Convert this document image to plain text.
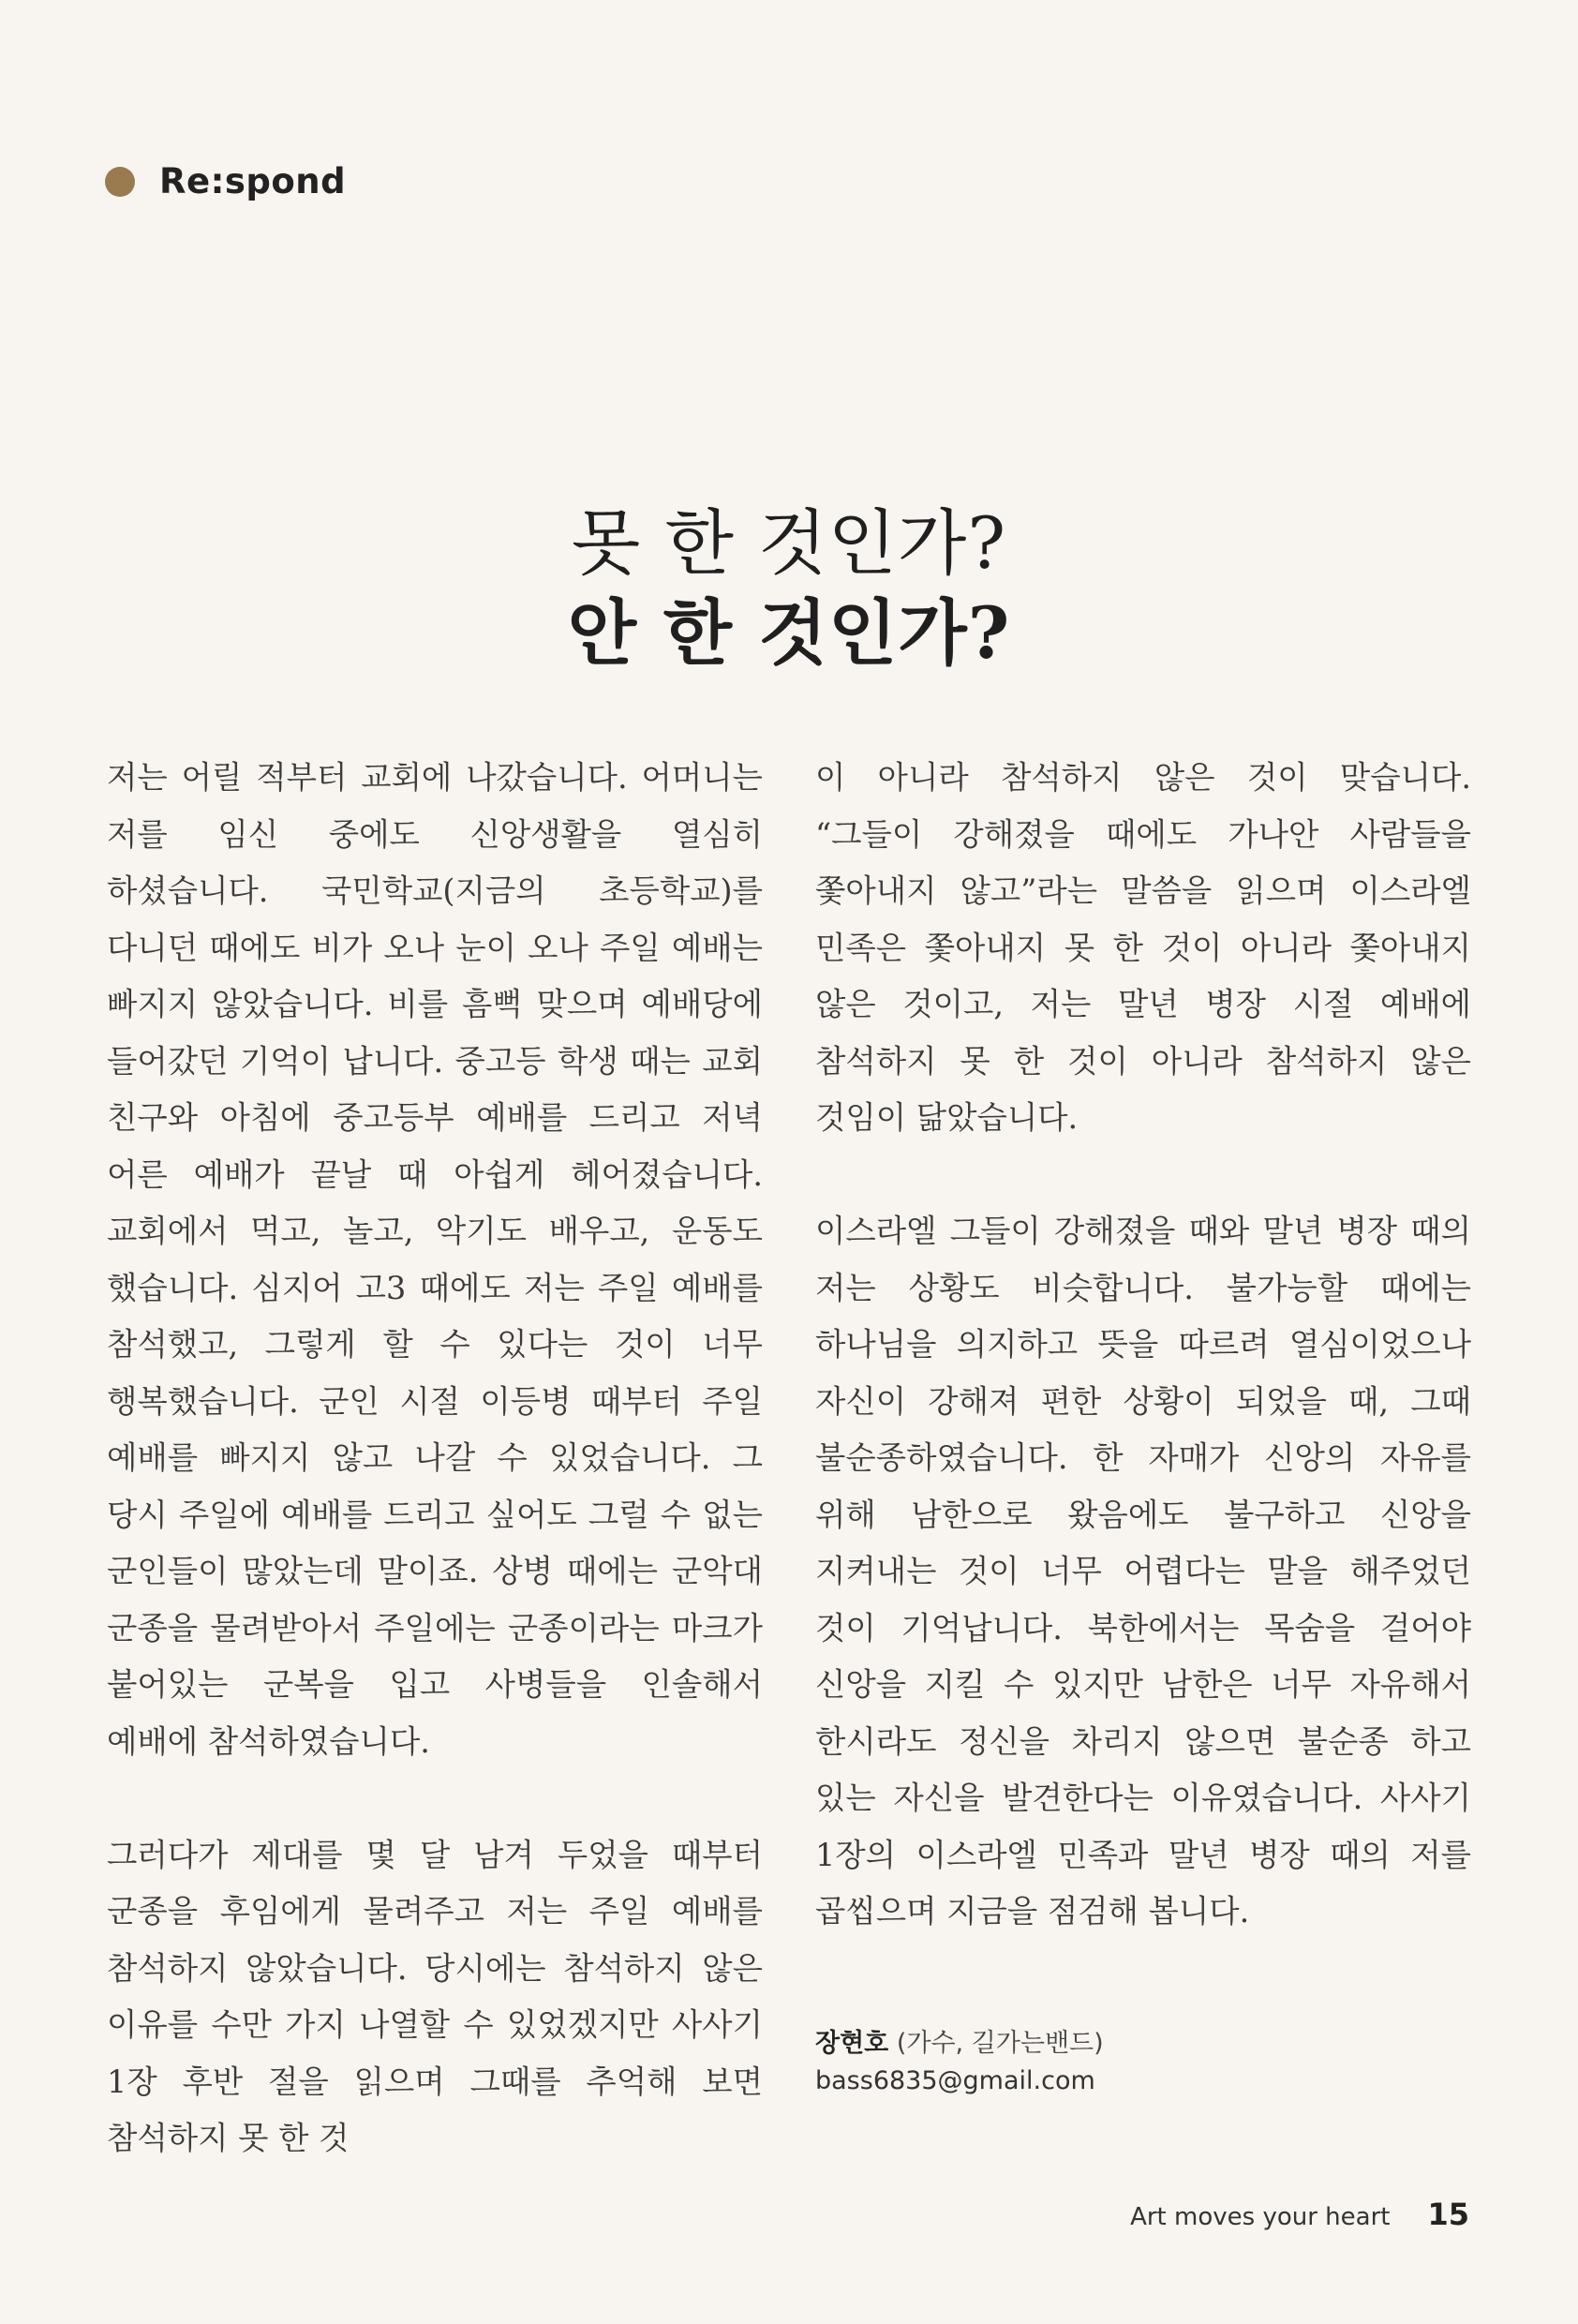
Re:spond
못 한 것인가?
안 한 것인가?

저는 어릴 적부터 교회에 나갔습니다. 어머니는 저를 임신 중에도 신앙생활을 열심히 하셨습니다. 국민학교(지금의 초등학교)를 다니던 때에도 비가 오나 눈이 오나 주일 예배는 빠지지 않았습니다. 비를 흠뻑 맞으며 예배당에 들어갔던 기억이 납니다. 중고등 학생 때는 교회 친구와 아침에 중고등부 예배를 드리고 저녁 어른 예배가 끝날 때 아쉽게 헤어졌습니다. 교회에서 먹고, 놀고, 악기도 배우고, 운동도 했습니다. 심지어 고3 때에도 저는 주일 예배를 참석했고, 그렇게 할 수 있다는 것이 너무 행복했습니다. 군인 시절 이등병 때부터 주일 예배를 빠지지 않고 나갈 수 있었습니다. 그 당시 주일에 예배를 드리고 싶어도 그럴 수 없는 군인들이 많았는데 말이죠. 상병 때에는 군악대 군종을 물려받아서 주일에는 군종이라는 마크가 붙어있는 군복을 입고 사병들을 인솔해서 예배에 참석하였습니다.

그러다가 제대를 몇 달 남겨 두었을 때부터 군종을 후임에게 물려주고 저는 주일 예배를 참석하지 않았습니다. 당시에는 참석하지 않은 이유를 수만 가지 나열할 수 있었겠지만 사사기 1장 후반 절을 읽으며 그때를 추억해 보면 참석하지 못 한 것

이 아니라 참석하지 않은 것이 맞습니다. “그들이 강해졌을 때에도 가나안 사람들을 쫓아내지 않고”라는 말씀을 읽으며 이스라엘 민족은 쫓아내지 못 한 것이 아니라 쫓아내지 않은 것이고, 저는 말년 병장 시절 예배에 참석하지 못 한 것이 아니라 참석하지 않은 것임이 닮았습니다.

이스라엘 그들이 강해졌을 때와 말년 병장 때의 저는 상황도 비슷합니다. 불가능할 때에는 하나님을 의지하고 뜻을 따르려 열심이었으나 자신이 강해져 편한 상황이 되었을 때, 그때 불순종하였습니다. 한 자매가 신앙의 자유를 위해 남한으로 왔음에도 불구하고 신앙을 지켜내는 것이 너무 어렵다는 말을 해주었던 것이 기억납니다. 북한에서는 목숨을 걸어야 신앙을 지킬 수 있지만 남한은 너무 자유해서 한시라도 정신을 차리지 않으면 불순종 하고 있는 자신을 발견한다는 이유였습니다. 사사기 1장의 이스라엘 민족과 말년 병장 때의 저를 곱씹으며 지금을 점검해 봅니다.

장현호 (가수, 길가는밴드)
bass6835@gmail.com
Art moves your heart 15
